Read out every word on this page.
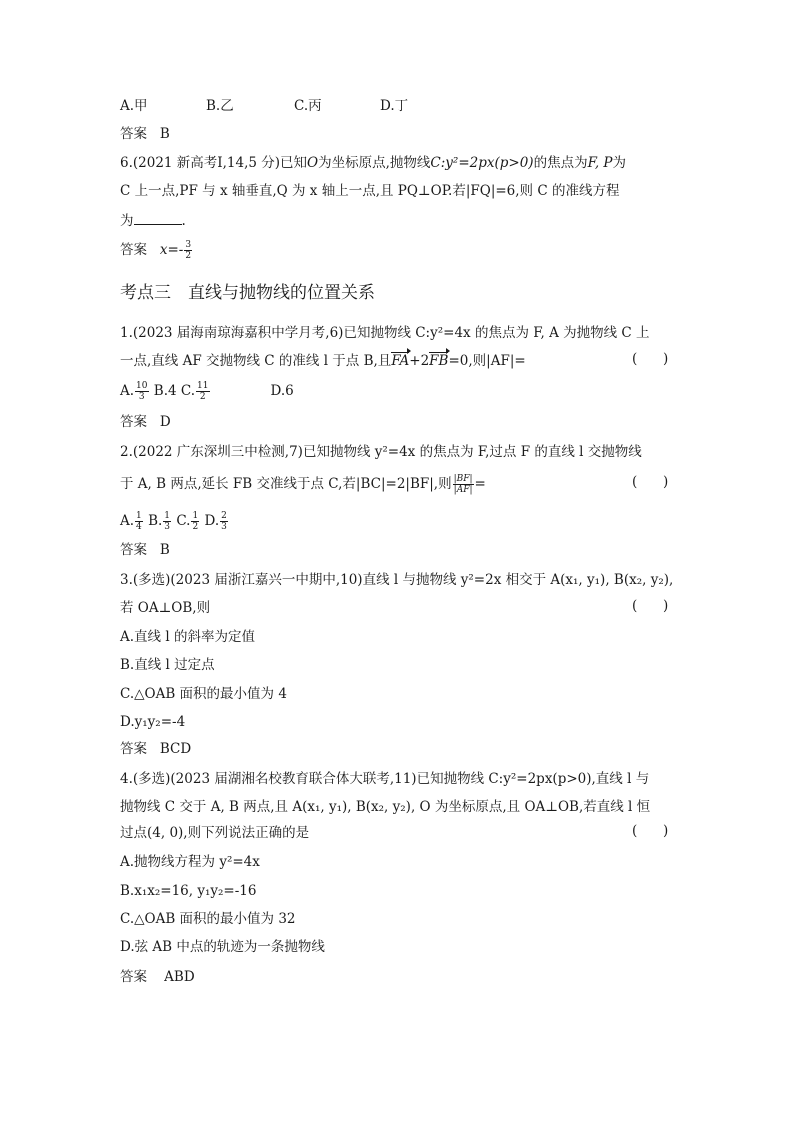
A.甲	B.乙	C.丙	D.丁
答案 B
6.(2021 新高考Ⅰ,14,5 分)已知O为坐标原点,抛物线C:y²=2px(p>0)的焦点为F, P为
C 上一点,PF 与 x 轴垂直,Q 为 x 轴上一点,且 PQ⊥OP.若|FQ|=6,则 C 的准线方程
为	.
答案 $x=- \frac{3}{2}$
考点三　直线与抛物线的位置关系
1.(2023 届海南琼海嘉积中学月考,6)已知抛物线 C:y²=4x 的焦点为 F, A 为抛物线 C 上
一点,直线 AF 交抛物线 C 的准线 l 于点 B,且FA+2FB=0,则|AF|=	(      )
A. $\frac{10}{3} B.4$ C. $\frac{11}{2}$	D.6
答案 D
2.(2022 广东深圳三中检测,7)已知抛物线 y²=4x 的焦点为 F,过点 F 的直线 l 交抛物线
于 A, B 两点,延长 FB 交准线于点 C,若|BC|=2|BF|,则 $\frac{|BF|}{|AF|}$ =	(      )
A. $\frac{1}{4} B$. $\frac{1}{3} C$. $\frac{1}{2} D$. $\frac{2}{3}$
答案 B
3.(多选)(2023 届浙江嘉兴一中期中,10)直线 l 与抛物线 y²=2x 相交于 A(x₁, y₁), B(x₂, y₂),
若 OA⊥OB,则	(      )
A.直线 l 的斜率为定值
B.直线 l 过定点
C.△OAB 面积的最小值为 4
D.y₁y₂=-4
答案 BCD
4.(多选)(2023 届湖湘名校教育联合体大联考,11)已知抛物线 C:y²=2px(p>0),直线 l 与
抛物线 C 交于 A, B 两点,且 A(x₁, y₁), B(x₂, y₂), O 为坐标原点,且 OA⊥OB,若直线 l 恒
过点(4, 0),则下列说法正确的是	(      )
A.抛物线方程为 y²=4x
B.x₁x₂=16, y₁y₂=-16
C.△OAB 面积的最小值为 32
D.弦 AB 中点的轨迹为一条抛物线
答案 ABD
